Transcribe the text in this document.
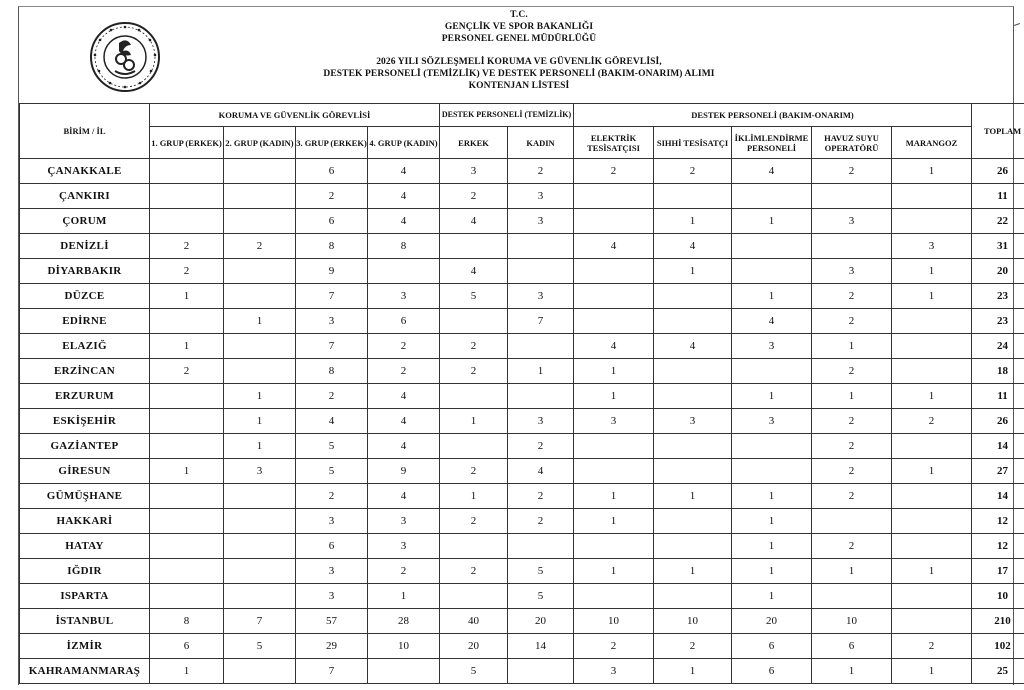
T.C.
GENÇLİK VE SPOR BAKANLIĞI
PERSONEL GENEL MÜDÜRLÜĞÜ
2026 YILI SÖZLEŞMELİ KORUMA VE GÜVENLİK GÖREVLİSİ,
DESTEK PERSONELİ (TEMİZLİK) VE DESTEK PERSONELİ (BAKIM-ONARIM) ALIMI
KONTENJAN LİSTESİ
BİRİM / İL	KORUMA VE GÜVENLİK GÖREVLİSİ				DESTEK PERSONELİ (TEMİZLİK)		DESTEK PERSONELİ (BAKIM-ONARIM)					TOPLAM
	1. GRUP (ERKEK)	2. GRUP (KADIN)	3. GRUP (ERKEK)	4. GRUP (KADIN)	ERKEK	KADIN	ELEKTRİK TESİSATÇISI	SIHHİ TESİSATÇI	İKLİMLENDİRME PERSONELİ	HAVUZ SUYU OPERATÖRÜ	MARANGOZ	
ÇANAKKALE			6	4	3	2	2	2	4	2	1	26
ÇANKIRI			2	4	2	3						11
ÇORUM			6	4	4	3		1	1	3		22
DENİZLİ	2	2	8	8			4	4			3	31
DİYARBAKIR	2		9		4			1		3	1	20
DÜZCE	1		7	3	5	3			1	2	1	23
EDİRNE		1	3	6		7			4	2		23
ELAZIĞ	1		7	2	2		4	4	3	1		24
ERZİNCAN	2		8	2	2	1	1			2		18
ERZURUM		1	2	4			1		1	1	1	11
ESKİŞEHİR		1	4	4	1	3	3	3	3	2	2	26
GAZİANTEP		1	5	4		2				2		14
GİRESUN	1	3	5	9	2	4				2	1	27
GÜMÜŞHANE			2	4	1	2	1	1	1	2		14
HAKKARİ			3	3	2	2	1		1			12
HATAY			6	3					1	2		12
IĞDIR			3	2	2	5	1	1	1	1	1	17
ISPARTA			3	1		5			1			10
İSTANBUL	8	7	57	28	40	20	10	10	20	10		210
İZMİR	6	5	29	10	20	14	2	2	6	6	2	102
KAHRAMANMARAŞ	1		7		5		3	1	6	1	1	25
